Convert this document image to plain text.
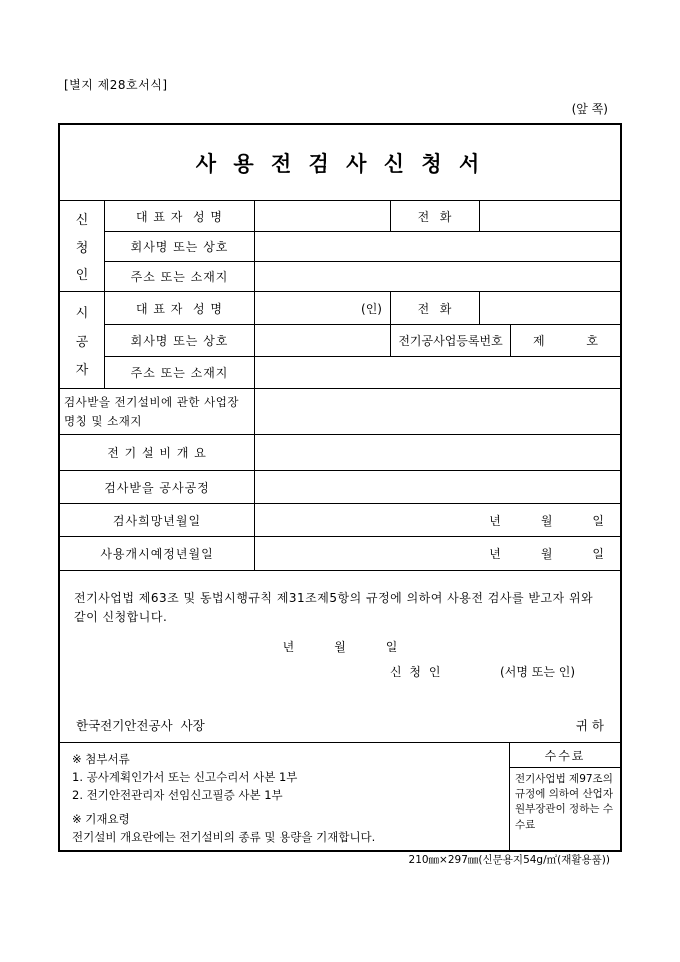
[별지 제28호서식]
(앞 쪽)
사 용 전 검 사 신 청 서
신
청
인
대 표 자  성 명	전  화
회사명 또는 상호
주소 또는 소재지
시
공
자
대 표 자  성 명	(인)	전  화
회사명 또는 상호	전기공사업등록번호	제	호
주소 또는 소재지
검사받을 전기설비에 관한 사업장 명칭 및 소재지
전 기 설 비 개 요
검사받을 공사공정
검사희망년월일	년	월	일
사용개시예정년월일	년	월	일

전기사업법 제63조 및 동법시행규칙 제31조제5항의 규정에 의하여 사용전 검사를 받고자 위와 같이 신청합니다.

년	월	일
신 청 인	(서명 또는 인)
한국전기안전공사  사장	귀 하
※ 첨부서류
1. 공사계획인가서 또는 신고수리서 사본 1부
2. 전기안전관리자 선임신고필증 사본 1부
※ 기재요령
전기설비 개요란에는 전기설비의 종류 및 용량을 기재합니다.
수수료
전기사업법 제97조의 규정에 의하여 산업자원부장관이 정하는 수수료
210㎜×297㎜(신문용지54g/㎡(재활용품))
